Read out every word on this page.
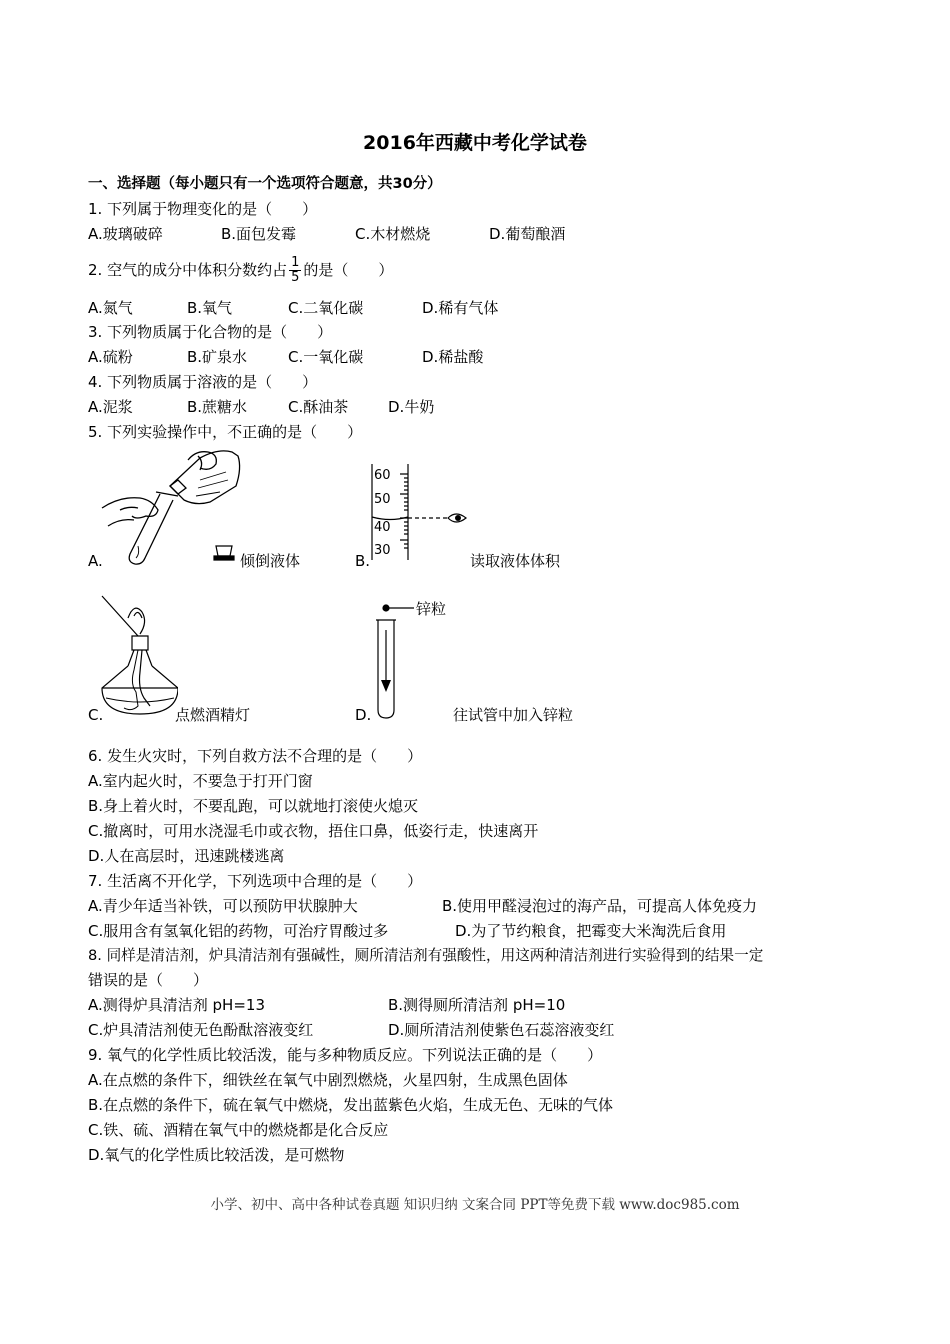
2016年西藏中考化学试卷
一、选择题（每小题只有一个选项符合题意，共30分）
1. 下列属于物理变化的是（　　）
A.玻璃破碎	B.面包发霉	C.木材燃烧	D.葡萄酿酒
2. 空气的成分中体积分数约占 $\frac{1}{5}$ 的是（　　）
A.氮气	B.氧气	C.二氧化碳	D.稀有气体
3. 下列物质属于化合物的是（　　）
A.硫粉	B.矿泉水	C.一氧化碳	D.稀盐酸
4. 下列物质属于溶液的是（　　）
A.泥浆	B.蔗糖水	C.酥油茶	D.牛奶
5. 下列实验操作中，不正确的是（　　）
A.	倾倒液体
60
50
40
30
B.	读取液体体积
C.	点燃酒精灯
锌粒
D.	往试管中加入锌粒
6. 发生火灾时，下列自救方法不合理的是（　　）
A.室内起火时，不要急于打开门窗
B.身上着火时，不要乱跑，可以就地打滚使火熄灭
C.撤离时，可用水浇湿毛巾或衣物，捂住口鼻，低姿行走，快速离开
D.人在高层时，迅速跳楼逃离
7. 生活离不开化学，下列选项中合理的是（　　）
A.青少年适当补铁，可以预防甲状腺肿大	B.使用甲醛浸泡过的海产品，可提高人体免疫力
C.服用含有氢氧化铝的药物，可治疗胃酸过多	D.为了节约粮食，把霉变大米淘洗后食用
8. 同样是清洁剂，炉具清洁剂有强碱性，厕所清洁剂有强酸性，用这两种清洁剂进行实验得到的结果一定
错误的是（　　）
A.测得炉具清洁剂 pH=13	B.测得厕所清洁剂 pH=10
C.炉具清洁剂使无色酚酞溶液变红	D.厕所清洁剂使紫色石蕊溶液变红
9. 氧气的化学性质比较活泼，能与多种物质反应。下列说法正确的是（　　）
A.在点燃的条件下，细铁丝在氧气中剧烈燃烧，火星四射，生成黑色固体
B.在点燃的条件下，硫在氧气中燃烧，发出蓝紫色火焰，生成无色、无味的气体
C.铁、硫、酒精在氧气中的燃烧都是化合反应
D.氧气的化学性质比较活泼，是可燃物
小学、初中、高中各种试卷真题 知识归纳 文案合同 PPT等免费下载 www.doc985.com
